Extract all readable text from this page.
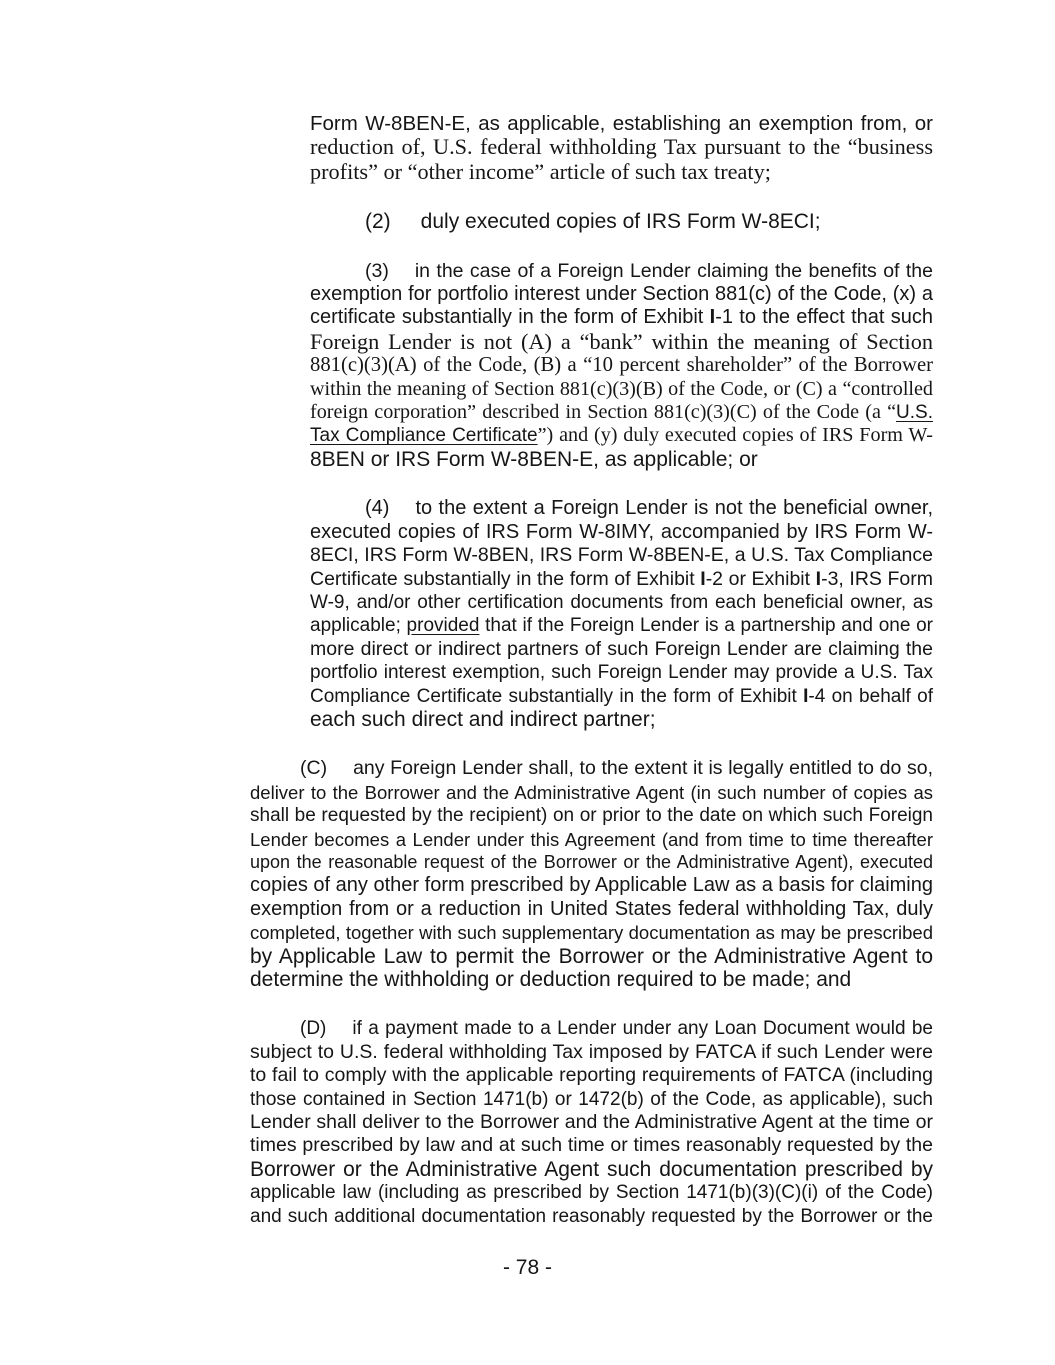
Form W-8BEN-E, as applicable, establishing an exemption from, or
reduction of, U.S. federal withholding Tax pursuant to the “business
profits” or “other income” article of such tax treaty;
(2) duly executed copies of IRS Form W-8ECI;
(3) in the case of a Foreign Lender claiming the benefits of the
exemption for portfolio interest under Section 881(c) of the Code, (x) a
certificate substantially in the form of Exhibit I-1 to the effect that such
Foreign Lender is not (A) a “bank” within the meaning of Section
881(c)(3)(A) of the Code, (B) a “10 percent shareholder” of the Borrower
within the meaning of Section 881(c)(3)(B) of the Code, or (C) a “controlled
foreign corporation” described in Section 881(c)(3)(C) of the Code (a “U.S.
Tax Compliance Certificate”) and (y) duly executed copies of IRS Form W-
8BEN or IRS Form W-8BEN-E, as applicable; or
(4) to the extent a Foreign Lender is not the beneficial owner,
executed copies of IRS Form W-8IMY, accompanied by IRS Form W-
8ECI, IRS Form W-8BEN, IRS Form W-8BEN-E, a U.S. Tax Compliance
Certificate substantially in the form of Exhibit I-2 or Exhibit I-3, IRS Form
W-9, and/or other certification documents from each beneficial owner, as
applicable; provided that if the Foreign Lender is a partnership and one or
more direct or indirect partners of such Foreign Lender are claiming the
portfolio interest exemption, such Foreign Lender may provide a U.S. Tax
Compliance Certificate substantially in the form of Exhibit I-4 on behalf of
each such direct and indirect partner;
(C) any Foreign Lender shall, to the extent it is legally entitled to do so,
deliver to the Borrower and the Administrative Agent (in such number of copies as
shall be requested by the recipient) on or prior to the date on which such Foreign
Lender becomes a Lender under this Agreement (and from time to time thereafter
upon the reasonable request of the Borrower or the Administrative Agent), executed
copies of any other form prescribed by Applicable Law as a basis for claiming
exemption from or a reduction in United States federal withholding Tax, duly
completed, together with such supplementary documentation as may be prescribed
by Applicable Law to permit the Borrower or the Administrative Agent to
determine the withholding or deduction required to be made; and
(D) if a payment made to a Lender under any Loan Document would be
subject to U.S. federal withholding Tax imposed by FATCA if such Lender were
to fail to comply with the applicable reporting requirements of FATCA (including
those contained in Section 1471(b) or 1472(b) of the Code, as applicable), such
Lender shall deliver to the Borrower and the Administrative Agent at the time or
times prescribed by law and at such time or times reasonably requested by the
Borrower or the Administrative Agent such documentation prescribed by
applicable law (including as prescribed by Section 1471(b)(3)(C)(i) of the Code)
and such additional documentation reasonably requested by the Borrower or the
- 78 -
